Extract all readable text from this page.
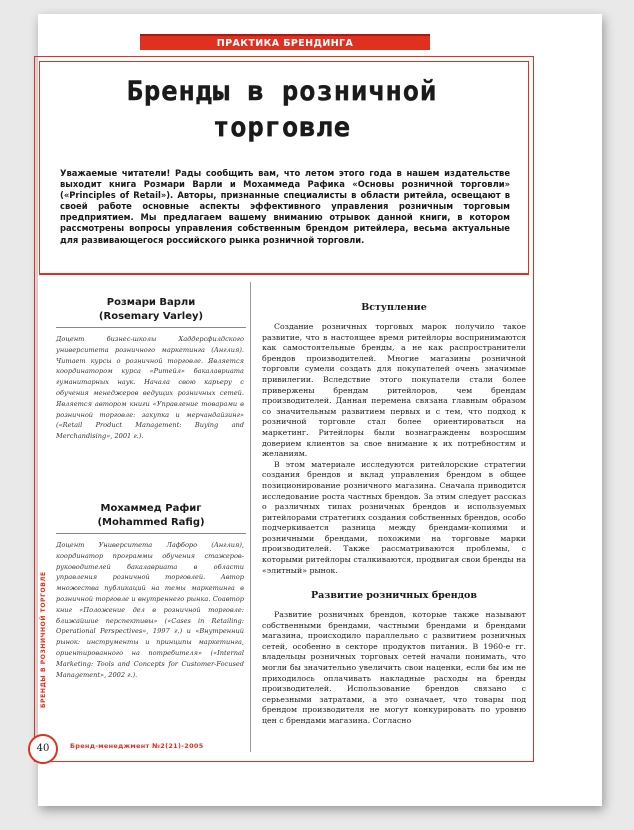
ПРАКТИКА БРЕНДИНГА
Бренды в розничной
торговле
Уважаемые читатели! Рады сообщить вам, что летом этого года в нашем издательстве выходит книга Розмари Варли и Мохаммеда Рафика «Основы розничной торговли» («Principles of Retail»). Авторы, признанные специалисты в области ритейла, освещают в своей работе основные аспекты эффективного управления розничным торговым предприятием. Мы предлагаем вашему вниманию отрывок данной книги, в котором рассмотрены вопросы управления собственным брендом ритейлера, весьма актуальные для развивающегося российского рынка розничной торговли.
Розмари Варли
(Rosemary Varley)
Доцент бизнес-школы Хаддерсфилдского университета розничного маркетинга (Англия). Читает курсы о розничной торговле. Является координатором курса «Ритейл» бакалавриата гуманитарных наук. Начала свою карьеру с обучения менеджеров ведущих розничных сетей. Является автором книги «Управление товарами в розничной торговле: закупка и мерчандайзинг» («Retail Product Management: Buying and Merchandising», 2001 г.).
Мохаммед Рафиг
(Mohammed Rafig)
Доцент Университета Лафборо (Англия), координатор программы обучения стажеров-руководителей бакалавриата в области управления розничной торговлей. Автор множества публикаций на темы маркетинга в розничной торговле и внутреннего рынка. Соавтор книг «Положение дел в розничной торговле: ближайшие перспективы» («Cases in Retailing: Operational Perspectives», 1997 г.) и «Внутренний рынок: инструменты и принципы маркетинга, ориентированного на потребителя» («Internal Marketing: Tools and Concepts for Customer-Focused Management», 2002 г.).
Вступление

Создание розничных торговых марок получило такое развитие, что в настоящее время ритейлоры воспринимаются как самостоятельные бренды, а не как распространители брендов производителей. Многие магазины розничной торговли сумели создать для покупателей очень значимые привилегии. Вследствие этого покупатели стали более привержены брендам ритейлоров, чем брендам производителей. Данная перемена связана главным образом со значительным развитием первых и с тем, что подход к розничной торговле стал более ориентироваться на маркетинг. Ритейлоры были вознаграждены возросшим доверием клиентов за свое внимание к их потребностям и желаниям.

В этом материале исследуются ритейлорские стратегии создания брендов и вклад управления брендом в общее позиционирование розничного магазина. Сначала приводится исследование роста частных брендов. За этим следует рассказ о различных типах розничных брендов и используемых ритейлорами стратегиях создания собственных брендов, особо подчеркивается разница между брендами-копиями и розничными брендами, похожими на торговые марки производителей. Также рассматриваются проблемы, с которыми ритейлоры сталкиваются, продвигая свои бренды на «элитный» рынок.

Развитие розничных брендов

Развитие розничных брендов, которые также называют собственными брендами, частными брендами и брендами магазина, происходило параллельно с развитием розничных сетей, особенно в секторе продуктов питания. В 1960-е гг. владельцы розничных торговых сетей начали понимать, что могли бы значительно увеличить свои наценки, если бы им не приходилось оплачивать накладные расходы на бренды производителей. Использование брендов связано с серьезными затратами, а это означает, что товары под брендом производителя не могут конкурировать по уровню цен с брендами магазина. Согласно

БРЕНДЫ В РОЗНИЧНОЙ ТОРГОВЛЕ
40	Бренд-менеджмент №2(21)-2005
